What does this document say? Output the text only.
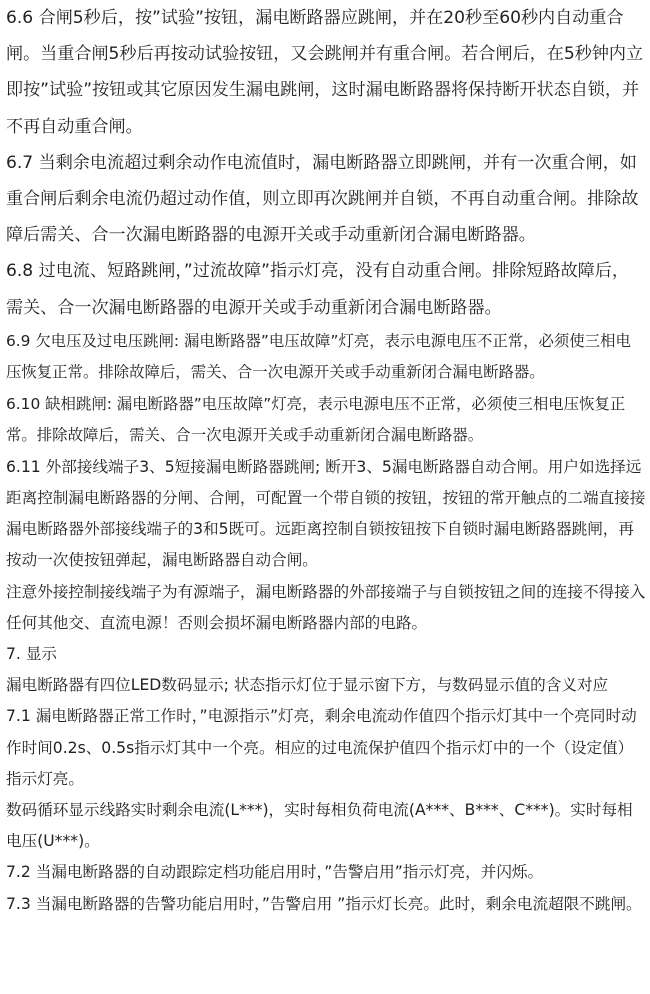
6.6 合闸5秒后，按”试验”按钮，漏电断路器应跳闸，并在20秒至60秒内自动重合闸。当重合闸5秒后再按动试验按钮，又会跳闸并有重合闸。若合闸后，在5秒钟内立即按”试验”按钮或其它原因发生漏电跳闸，这时漏电断路器将保持断开状态自锁，并不再自动重合闸。

6.7 当剩余电流超过剩余动作电流值时，漏电断路器立即跳闸，并有一次重合闸，如重合闸后剩余电流仍超过动作值，则立即再次跳闸并自锁，不再自动重合闸。排除故障后需关、合一次漏电断路器的电源开关或手动重新闭合漏电断路器。

6.8 过电流、短路跳闸，”过流故障”指示灯亮，没有自动重合闸。排除短路故障后，需关、合一次漏电断路器的电源开关或手动重新闭合漏电断路器。

6.9 欠电压及过电压跳闸: 漏电断路器”电压故障”灯亮，表示电源电压不正常，必须使三相电压恢复正常。排除故障后，需关、合一次电源开关或手动重新闭合漏电断路器。

6.10 缺相跳闸: 漏电断路器”电压故障”灯亮，表示电源电压不正常，必须使三相电压恢复正常。排除故障后，需关、合一次电源开关或手动重新闭合漏电断路器。

6.11 外部接线端子3、5短接漏电断路器跳闸; 断开3、5漏电断路器自动合闸。用户如选择远距离控制漏电断路器的分闸、合闸，可配置一个带自锁的按钮，按钮的常开触点的二端直接接漏电断路器外部接线端子的3和5既可。远距离控制自锁按钮按下自锁时漏电断路器跳闸，再按动一次使按钮弹起，漏电断路器自动合闸。

注意外接控制接线端子为有源端子，漏电断路器的外部接端子与自锁按钮之间的连接不得接入任何其他交、直流电源！否则会损坏漏电断路器内部的电路。

7. 显示

漏电断路器有四位LED数码显示; 状态指示灯位于显示窗下方，与数码显示值的含义对应

7.1 漏电断路器正常工作时，”电源指示”灯亮，剩余电流动作值四个指示灯其中一个亮同时动作时间0.2s、0.5s指示灯其中一个亮。相应的过电流保护值四个指示灯中的一个（设定值）指示灯亮。

数码循环显示线路实时剩余电流(L***)，实时每相负荷电流(A***、B***、C***)。实时每相电压(U***)。

7.2 当漏电断路器的自动跟踪定档功能启用时，”告警启用”指示灯亮，并闪烁。

7.3 当漏电断路器的告警功能启用时，”告警启用 ”指示灯长亮。此时，剩余电流超限不跳闸。
